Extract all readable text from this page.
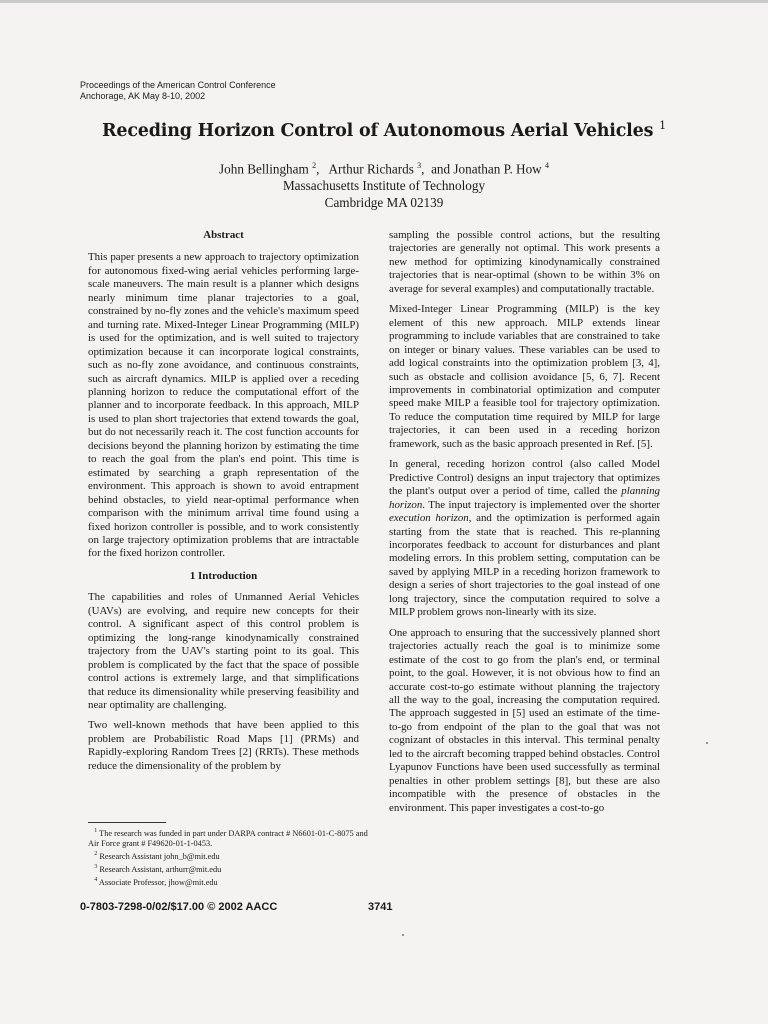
Proceedings of the American Control Conference
Anchorage, AK May 8-10, 2002
Receding Horizon Control of Autonomous Aerial Vehicles $^1$
John Bellingham $^2$,   Arthur Richards $^3$,  and Jonathan P. How $^4$
Massachusetts Institute of Technology
Cambridge MA 02139
Abstract

This paper presents a new approach to trajectory optimization for autonomous fixed-wing aerial vehicles performing large-scale maneuvers. The main result is a planner which designs nearly minimum time planar trajectories to a goal, constrained by no-fly zones and the vehicle's maximum speed and turning rate. Mixed-Integer Linear Programming (MILP) is used for the optimization, and is well suited to trajectory optimization because it can incorporate logical constraints, such as no-fly zone avoidance, and continuous constraints, such as aircraft dynamics. MILP is applied over a receding planning horizon to reduce the computational effort of the planner and to incorporate feedback. In this approach, MILP is used to plan short trajectories that extend towards the goal, but do not necessarily reach it. The cost function accounts for decisions beyond the planning horizon by estimating the time to reach the goal from the plan's end point. This time is estimated by searching a graph representation of the environment. This approach is shown to avoid entrapment behind obstacles, to yield near-optimal performance when comparison with the minimum arrival time found using a fixed horizon controller is possible, and to work consistently on large trajectory optimization problems that are intractable for the fixed horizon controller.

1 Introduction

The capabilities and roles of Unmanned Aerial Vehicles (UAVs) are evolving, and require new concepts for their control. A significant aspect of this control problem is optimizing the long-range kinodynamically constrained trajectory from the UAV's starting point to its goal. This problem is complicated by the fact that the space of possible control actions is extremely large, and that simplifications that reduce its dimensionality while preserving feasibility and near optimality are challenging.

Two well-known methods that have been applied to this problem are Probabilistic Road Maps [1] (PRMs) and Rapidly-exploring Random Trees [2] (RRTs). These methods reduce the dimensionality of the problem by

$^1$ The research was funded in part under DARPA contract # N6601-01-C-8075 and Air Force grant # F49620-01-1-0453.
$^2$ Research Assistant john_b@mit.edu
$^3$ Research Assistant, arthurr@mit.edu
$^4$ Associate Professor, jhow@mit.edu

sampling the possible control actions, but the resulting trajectories are generally not optimal. This work presents a new method for optimizing kinodynamically constrained trajectories that is near-optimal (shown to be within 3% on average for several examples) and computationally tractable.

Mixed-Integer Linear Programming (MILP) is the key element of this new approach. MILP extends linear programming to include variables that are constrained to take on integer or binary values. These variables can be used to add logical constraints into the optimization problem [3, 4], such as obstacle and collision avoidance [5, 6, 7]. Recent improvements in combinatorial optimization and computer speed make MILP a feasible tool for trajectory optimization. To reduce the computation time required by MILP for large trajectories, it can been used in a receding horizon framework, such as the basic approach presented in Ref. [5].

In general, receding horizon control (also called Model Predictive Control) designs an input trajectory that optimizes the plant's output over a period of time, called the planning horizon. The input trajectory is implemented over the shorter execution horizon, and the optimization is performed again starting from the state that is reached. This re-planning incorporates feedback to account for disturbances and plant modeling errors. In this problem setting, computation can be saved by applying MILP in a receding horizon framework to design a series of short trajectories to the goal instead of one long trajectory, since the computation required to solve a MILP problem grows non-linearly with its size.

One approach to ensuring that the successively planned short trajectories actually reach the goal is to minimize some estimate of the cost to go from the plan's end, or terminal point, to the goal. However, it is not obvious how to find an accurate cost-to-go estimate without planning the trajectory all the way to the goal, increasing the computation required. The approach suggested in [5] used an estimate of the time-to-go from endpoint of the plan to the goal that was not cognizant of obstacles in this interval. This terminal penalty led to the aircraft becoming trapped behind obstacles. Control Lyapunov Functions have been used successfully as terminal penalties in other problem settings [8], but these are also incompatible with the presence of obstacles in the environment. This paper investigates a cost-to-go

0-7803-7298-0/02/$17.00 © 2002 AACC	3741
